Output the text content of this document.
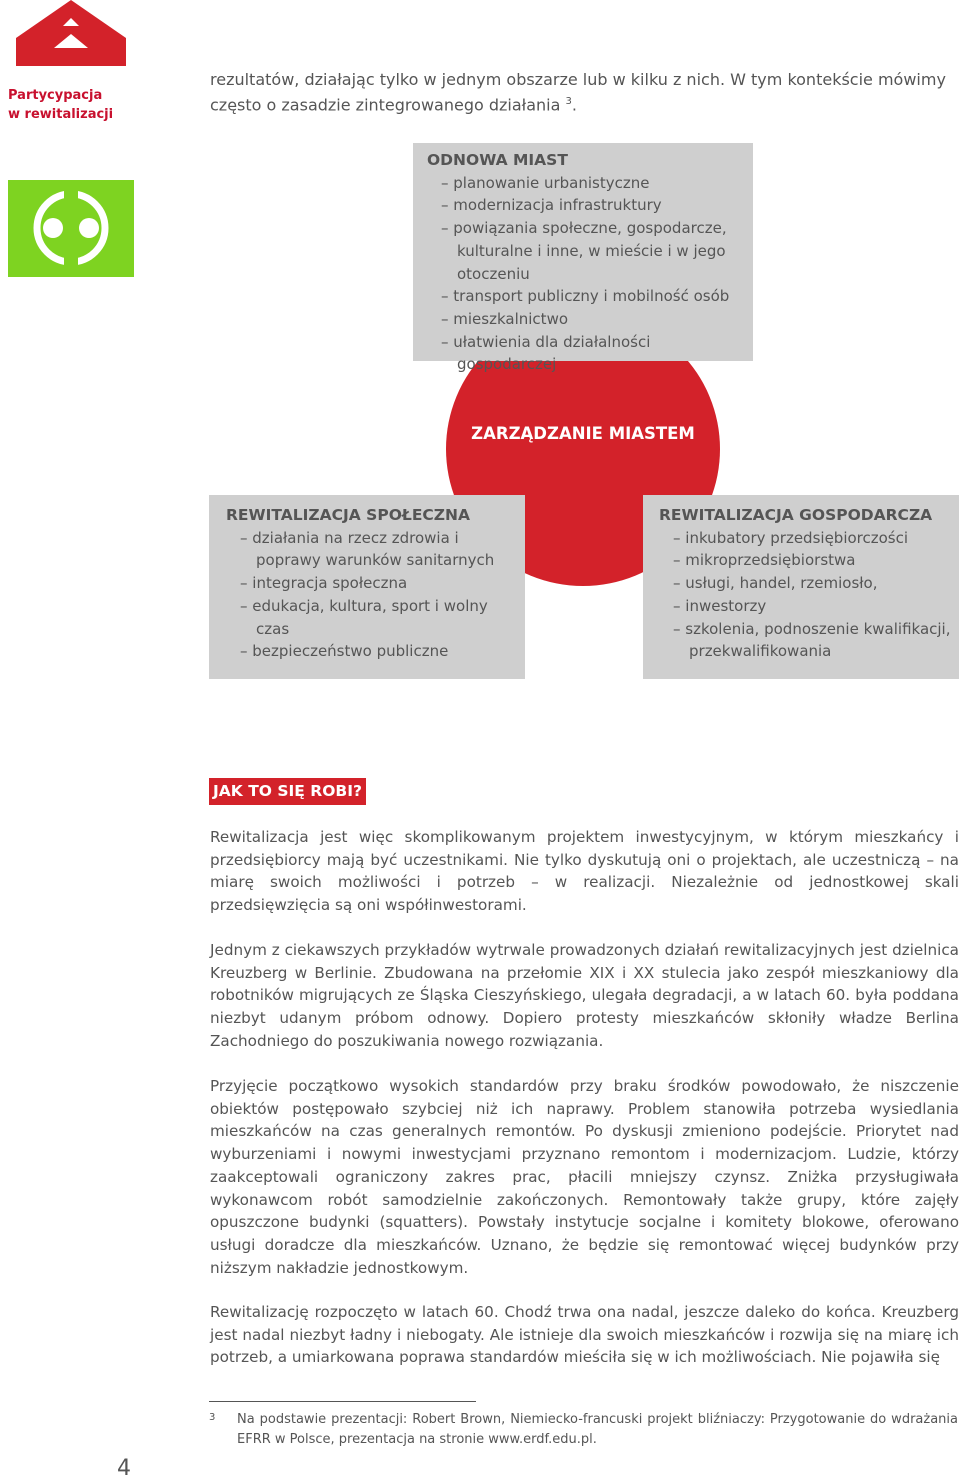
Partycypacja
w rewitalizacji
rezultatów, działając tylko w jednym obszarze lub w kilku z nich. W tym kontekście mówimy często o zasadzie zintegrowanego działania $^3$.
ODNOWA MIAST
– planowanie urbanistyczne
– modernizacja infrastruktury
– powiązania społeczne, gospodarcze, kulturalne i inne, w mieście i w jego otoczeniu
– transport publiczny i mobilność osób
– mieszkalnictwo
– ułatwienia dla działalności gospodarczej
ZARZĄDZANIE MIASTEM
REWITALIZACJA SPOŁECZNA
– działania na rzecz zdrowia i poprawy warunków sanitarnych
– integracja społeczna
– edukacja, kultura, sport i wolny czas
– bezpieczeństwo publiczne
REWITALIZACJA GOSPODARCZA
– inkubatory przedsiębiorczości
– mikroprzedsiębiorstwa
– usługi, handel, rzemiosło,
– inwestorzy
– szkolenia, podnoszenie kwalifikacji, przekwalifikowania
JAK TO SIĘ ROBI?
Rewitalizacja jest więc skomplikowanym projektem inwestycyjnym, w którym mieszkańcy i przedsiębiorcy mają być uczestnikami. Nie tylko dyskutują oni o projektach, ale uczestniczą – na miarę swoich możliwości i potrzeb – w realizacji. Niezależnie od jednostkowej skali przedsięwzięcia są oni współinwestorami.
Jednym z ciekawszych przykładów wytrwale prowadzonych działań rewitalizacyjnych jest dzielnica Kreuzberg w Berlinie. Zbudowana na przełomie XIX i XX stulecia jako zespół mieszkaniowy dla robotników migrujących ze Śląska Cieszyńskiego, ulegała degradacji, a w latach 60. była poddana niezbyt udanym próbom odnowy. Dopiero protesty mieszkańców skłoniły władze Berlina Zachodniego do poszukiwania nowego rozwiązania.
Przyjęcie początkowo wysokich standardów przy braku środków powodowało, że niszczenie obiektów postępowało szybciej niż ich naprawy. Problem stanowiła potrzeba wysiedlania mieszkańców na czas generalnych remontów. Po dyskusji zmieniono podejście. Priorytet nad wyburzeniami i nowymi inwestycjami przyznano remontom i modernizacjom. Ludzie, którzy zaakceptowali ograniczony zakres prac, płacili mniejszy czynsz. Zniżka przysługiwała wykonawcom robót samodzielnie zakończonych. Remontowały także grupy, które zajęły opuszczone budynki (squatters). Powstały instytucje socjalne i komitety blokowe, oferowano usługi doradcze dla mieszkańców. Uznano, że będzie się remontować więcej budynków przy niższym nakładzie jednostkowym.
Rewitalizację rozpoczęto w latach 60. Chodź trwa ona nadal, jeszcze daleko do końca. Kreuzberg jest nadal niezbyt ładny i niebogaty. Ale istnieje dla swoich mieszkańców i rozwija się na miarę ich potrzeb, a umiarkowana poprawa standardów mieściła się w ich możliwościach. Nie pojawiła się
3 Na podstawie prezentacji: Robert Brown, Niemiecko-francuski projekt bliźniaczy: Przygotowanie do wdrażania EFRR w Polsce, prezentacja na stronie www.erdf.edu.pl.
4
